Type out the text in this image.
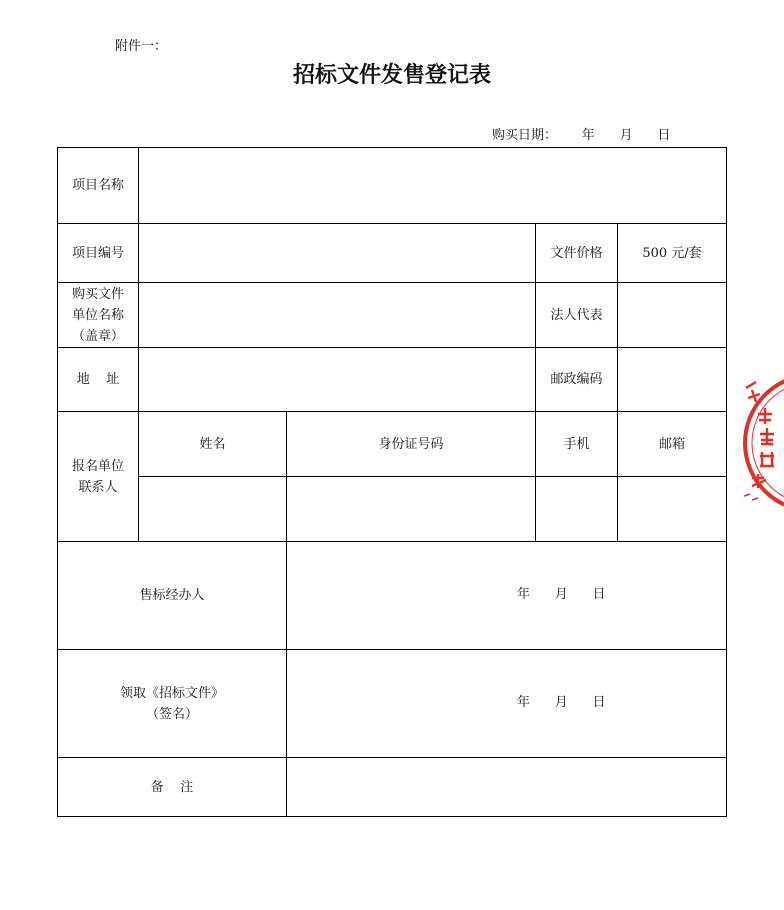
附件一：
招标文件发售登记表
购买日期：      年      月      日
项目名称				
项目编号			文件价格	500 元/套
购买文件
单位名称
（盖章）			法人代表	
地    址			邮政编码	
报名单位
联系人	姓名	身份证号码	手机	邮箱

售标经办人		年      月      日		

领取《招标文件》
（签名）		年      月      日		

备    注				
